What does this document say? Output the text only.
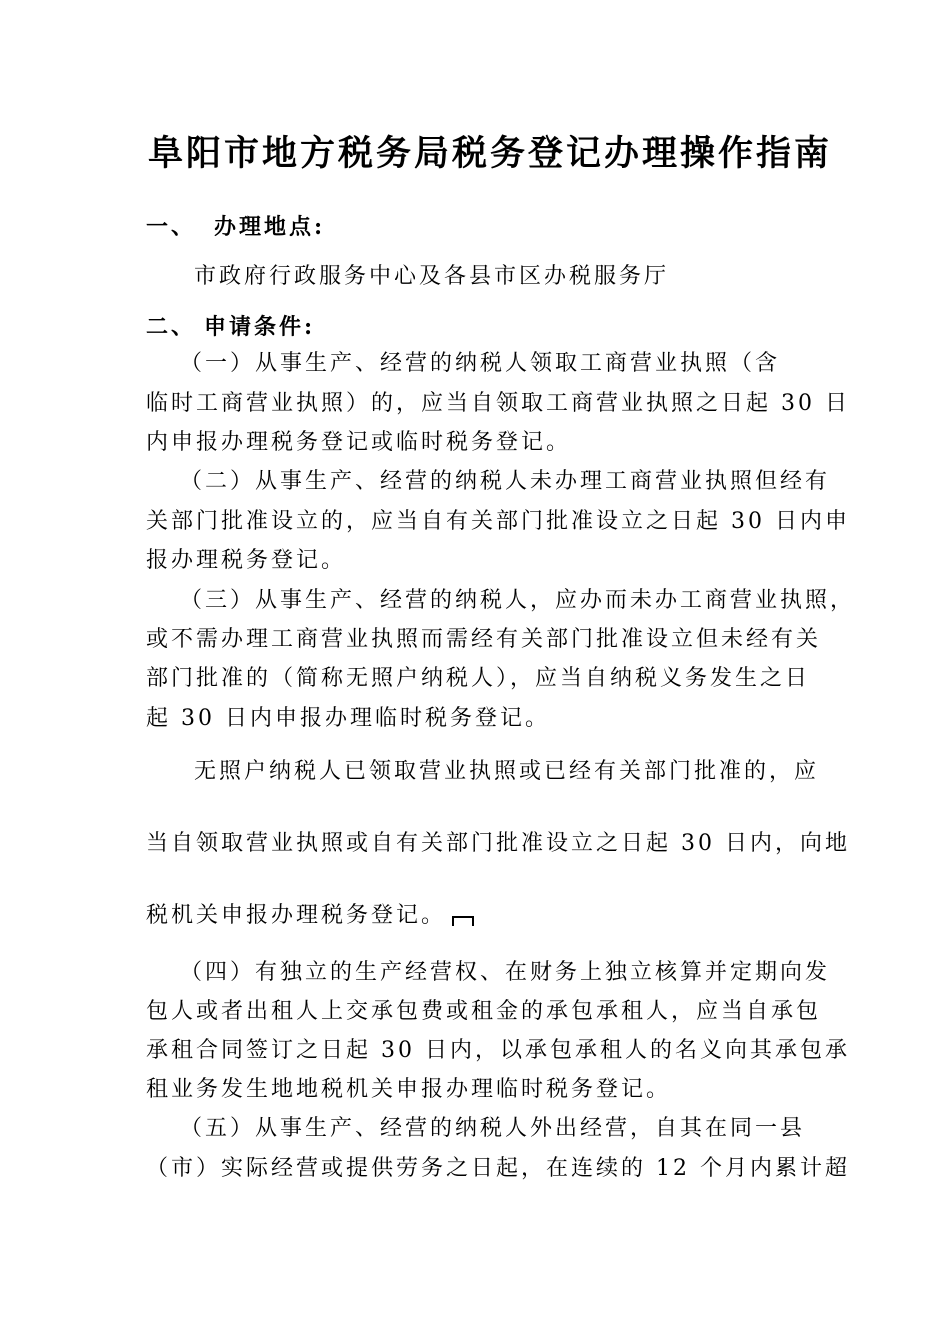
阜阳市地方税务局税务登记办理操作指南
一、 办理地点:

市政府行政服务中心及各县市区办税服务厅

二、 申请条件:

（一）从事生产、经营的纳税人领取工商营业执照（含

临时工商营业执照）的，应当自领取工商营业执照之日起 30 日

内申报办理税务登记或临时税务登记。

（二）从事生产、经营的纳税人未办理工商营业执照但经有

关部门批准设立的，应当自有关部门批准设立之日起 30 日内申

报办理税务登记。

（三）从事生产、经营的纳税人，应办而未办工商营业执照，

或不需办理工商营业执照而需经有关部门批准设立但未经有关

部门批准的（简称无照户纳税人），应当自纳税义务发生之日

起 30 日内申报办理临时税务登记。

无照户纳税人已领取营业执照或已经有关部门批准的，应

当自领取营业执照或自有关部门批准设立之日起 30 日内，向地

税机关申报办理税务登记。

（四）有独立的生产经营权、在财务上独立核算并定期向发

包人或者出租人上交承包费或租金的承包承租人，应当自承包

承租合同签订之日起 30 日内，以承包承租人的名义向其承包承

租业务发生地地税机关申报办理临时税务登记。

（五）从事生产、经营的纳税人外出经营，自其在同一县

（市）实际经营或提供劳务之日起，在连续的 12 个月内累计超
